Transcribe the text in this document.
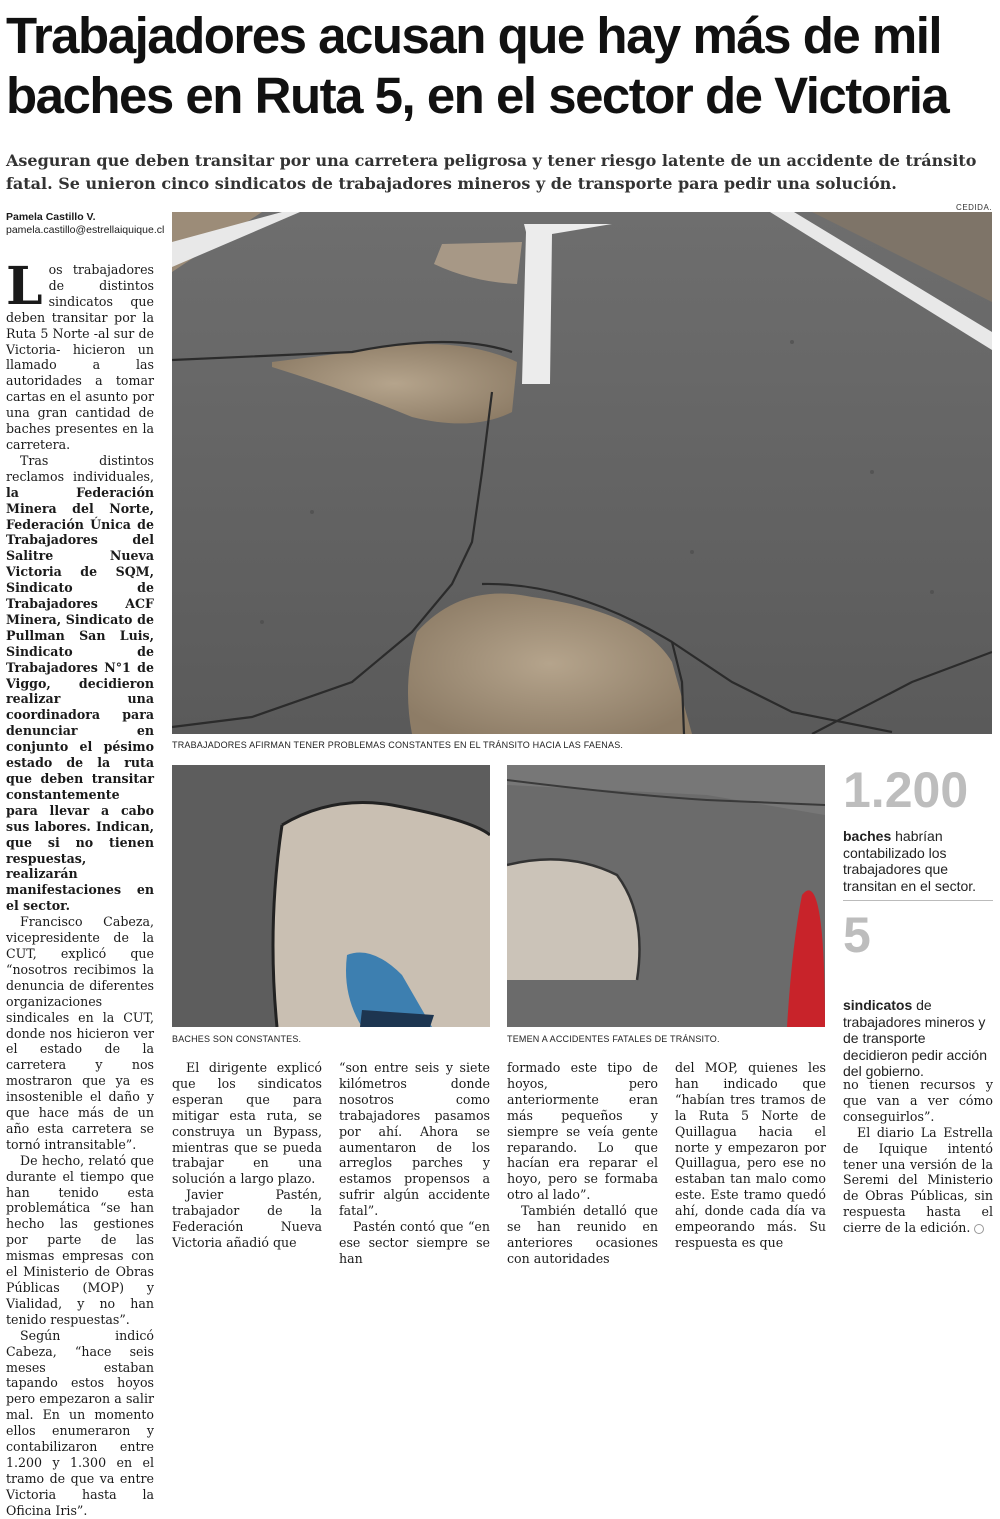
Trabajadores acusan que hay más de mil baches en Ruta 5, en el sector de Victoria

Aseguran que deben transitar por una carretera peligrosa y tener riesgo latente de un accidente de tránsito fatal. Se unieron cinco sindicatos de trabajadores mineros y de transporte para pedir una solución.

Pamela Castillo V.
pamela.castillo@estrellaiquique.cl
CEDIDA.

Los trabajadores de distintos sindicatos que deben transitar por la Ruta 5 Norte -al sur de Victoria- hicieron un llamado a las autoridades a tomar cartas en el asunto por una gran cantidad de baches presentes en la carretera.

Tras distintos reclamos individuales, la Federación Minera del Norte, Federación Única de Trabajadores del Salitre Nueva Victoria de SQM, Sindicato de Trabajadores ACF Minera, Sindicato de Pullman San Luis, Sindicato de Trabajadores N°1 de Viggo, decidieron realizar una coordinadora para denunciar en conjunto el pésimo estado de la ruta que deben transitar constantemente para llevar a cabo sus labores. Indican, que si no tienen respuestas, realizarán manifestaciones en el sector.

Francisco Cabeza, vicepresidente de la CUT, explicó que “nosotros recibimos la denuncia de diferentes organizaciones sindicales en la CUT, donde nos hicieron ver el estado de la carretera y nos mostraron que ya es insostenible el daño y que hace más de un año esta carretera se tornó intransitable”.

De hecho, relató que durante el tiempo que han tenido esta problemática “se han hecho las gestiones por parte de las mismas empresas con el Ministerio de Obras Públicas (MOP) y Vialidad, y no han tenido respuestas”.

Según indicó Cabeza, “hace seis meses estaban tapando estos hoyos pero empezaron a salir mal. En un momento ellos enumeraron y contabilizaron entre 1.200 y 1.300 en el tramo de que va entre Victoria hasta la Oficina Iris”.

TRABAJADORES AFIRMAN TENER PROBLEMAS CONSTANTES EN EL TRÁNSITO HACIA LAS FAENAS.
BACHES SON CONSTANTES.	TEMEN A ACCIDENTES FATALES DE TRÁNSITO.
1.200
baches habrían contabilizado los trabajadores que transitan en el sector.
5
sindicatos de trabajadores mineros y de transporte decidieron pedir acción del gobierno.

El dirigente explicó que los sindicatos esperan que para mitigar esta ruta, se construya un Bypass, mientras que se pueda trabajar en una solución a largo plazo.

Javier Pastén, trabajador de la Federación Nueva Victoria añadió que

“son entre seis y siete kilómetros donde nosotros como trabajadores pasamos por ahí. Ahora se aumentaron de los arreglos parches y estamos propensos a sufrir algún accidente fatal”.

Pastén contó que “en ese sector siempre se han

formado este tipo de hoyos, pero anteriormente eran más pequeños y siempre se veía gente reparando. Lo que hacían era reparar el hoyo, pero se formaba otro al lado”.

También detalló que se han reunido en anteriores ocasiones con autoridades

del MOP, quienes les han indicado que “habían tres tramos de la Ruta 5 Norte de Quillagua hacia el norte y empezaron por Quillagua, pero ese no estaban tan malo como este. Este tramo quedó ahí, donde cada día va empeorando más. Su respuesta es que

no tienen recursos y que van a ver cómo conseguirlos”.

El diario La Estrella de Iquique intentó tener una versión de la Seremi del Ministerio de Obras Públicas, sin respuesta hasta el cierre de la edición.
